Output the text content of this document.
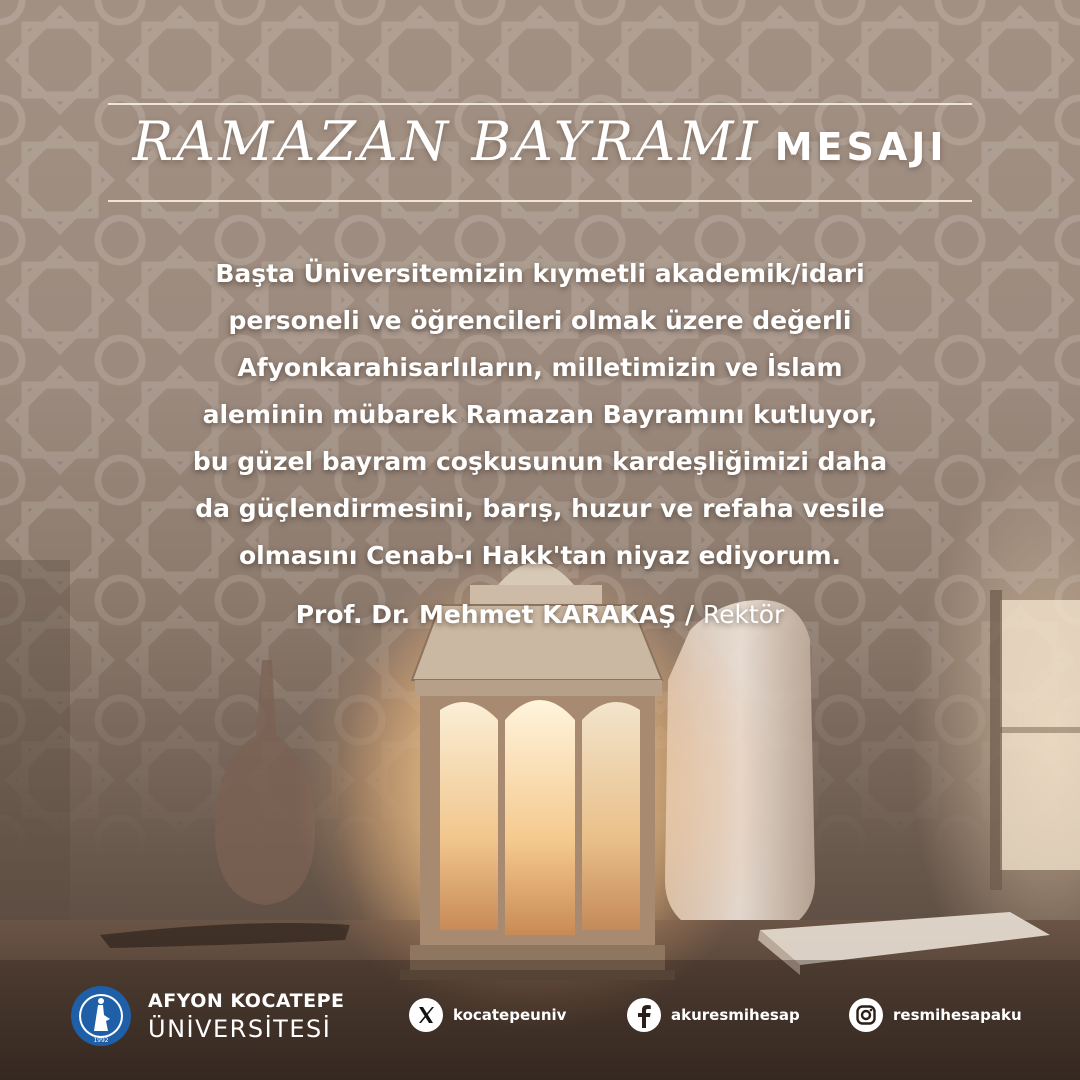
RAMAZAN BAYRAMI MESAJI
Başta Üniversitemizin kıymetli akademik/idari
personeli ve öğrencileri olmak üzere değerli
Afyonkarahisarlıların, milletimizin ve İslam
aleminin mübarek Ramazan Bayramını kutluyor,
bu güzel bayram coşkusunun kardeşliğimizi daha
da güçlendirmesini, barış, huzur ve refaha vesile
olmasını Cenab-ı Hakk'tan niyaz ediyorum.
Prof. Dr. Mehmet KARAKAŞ / Rektör
1992
AFYON KOCATEPE
ÜNİVERSİTESİ	kocatepeuniv	akuresmihesap	resmihesapaku
